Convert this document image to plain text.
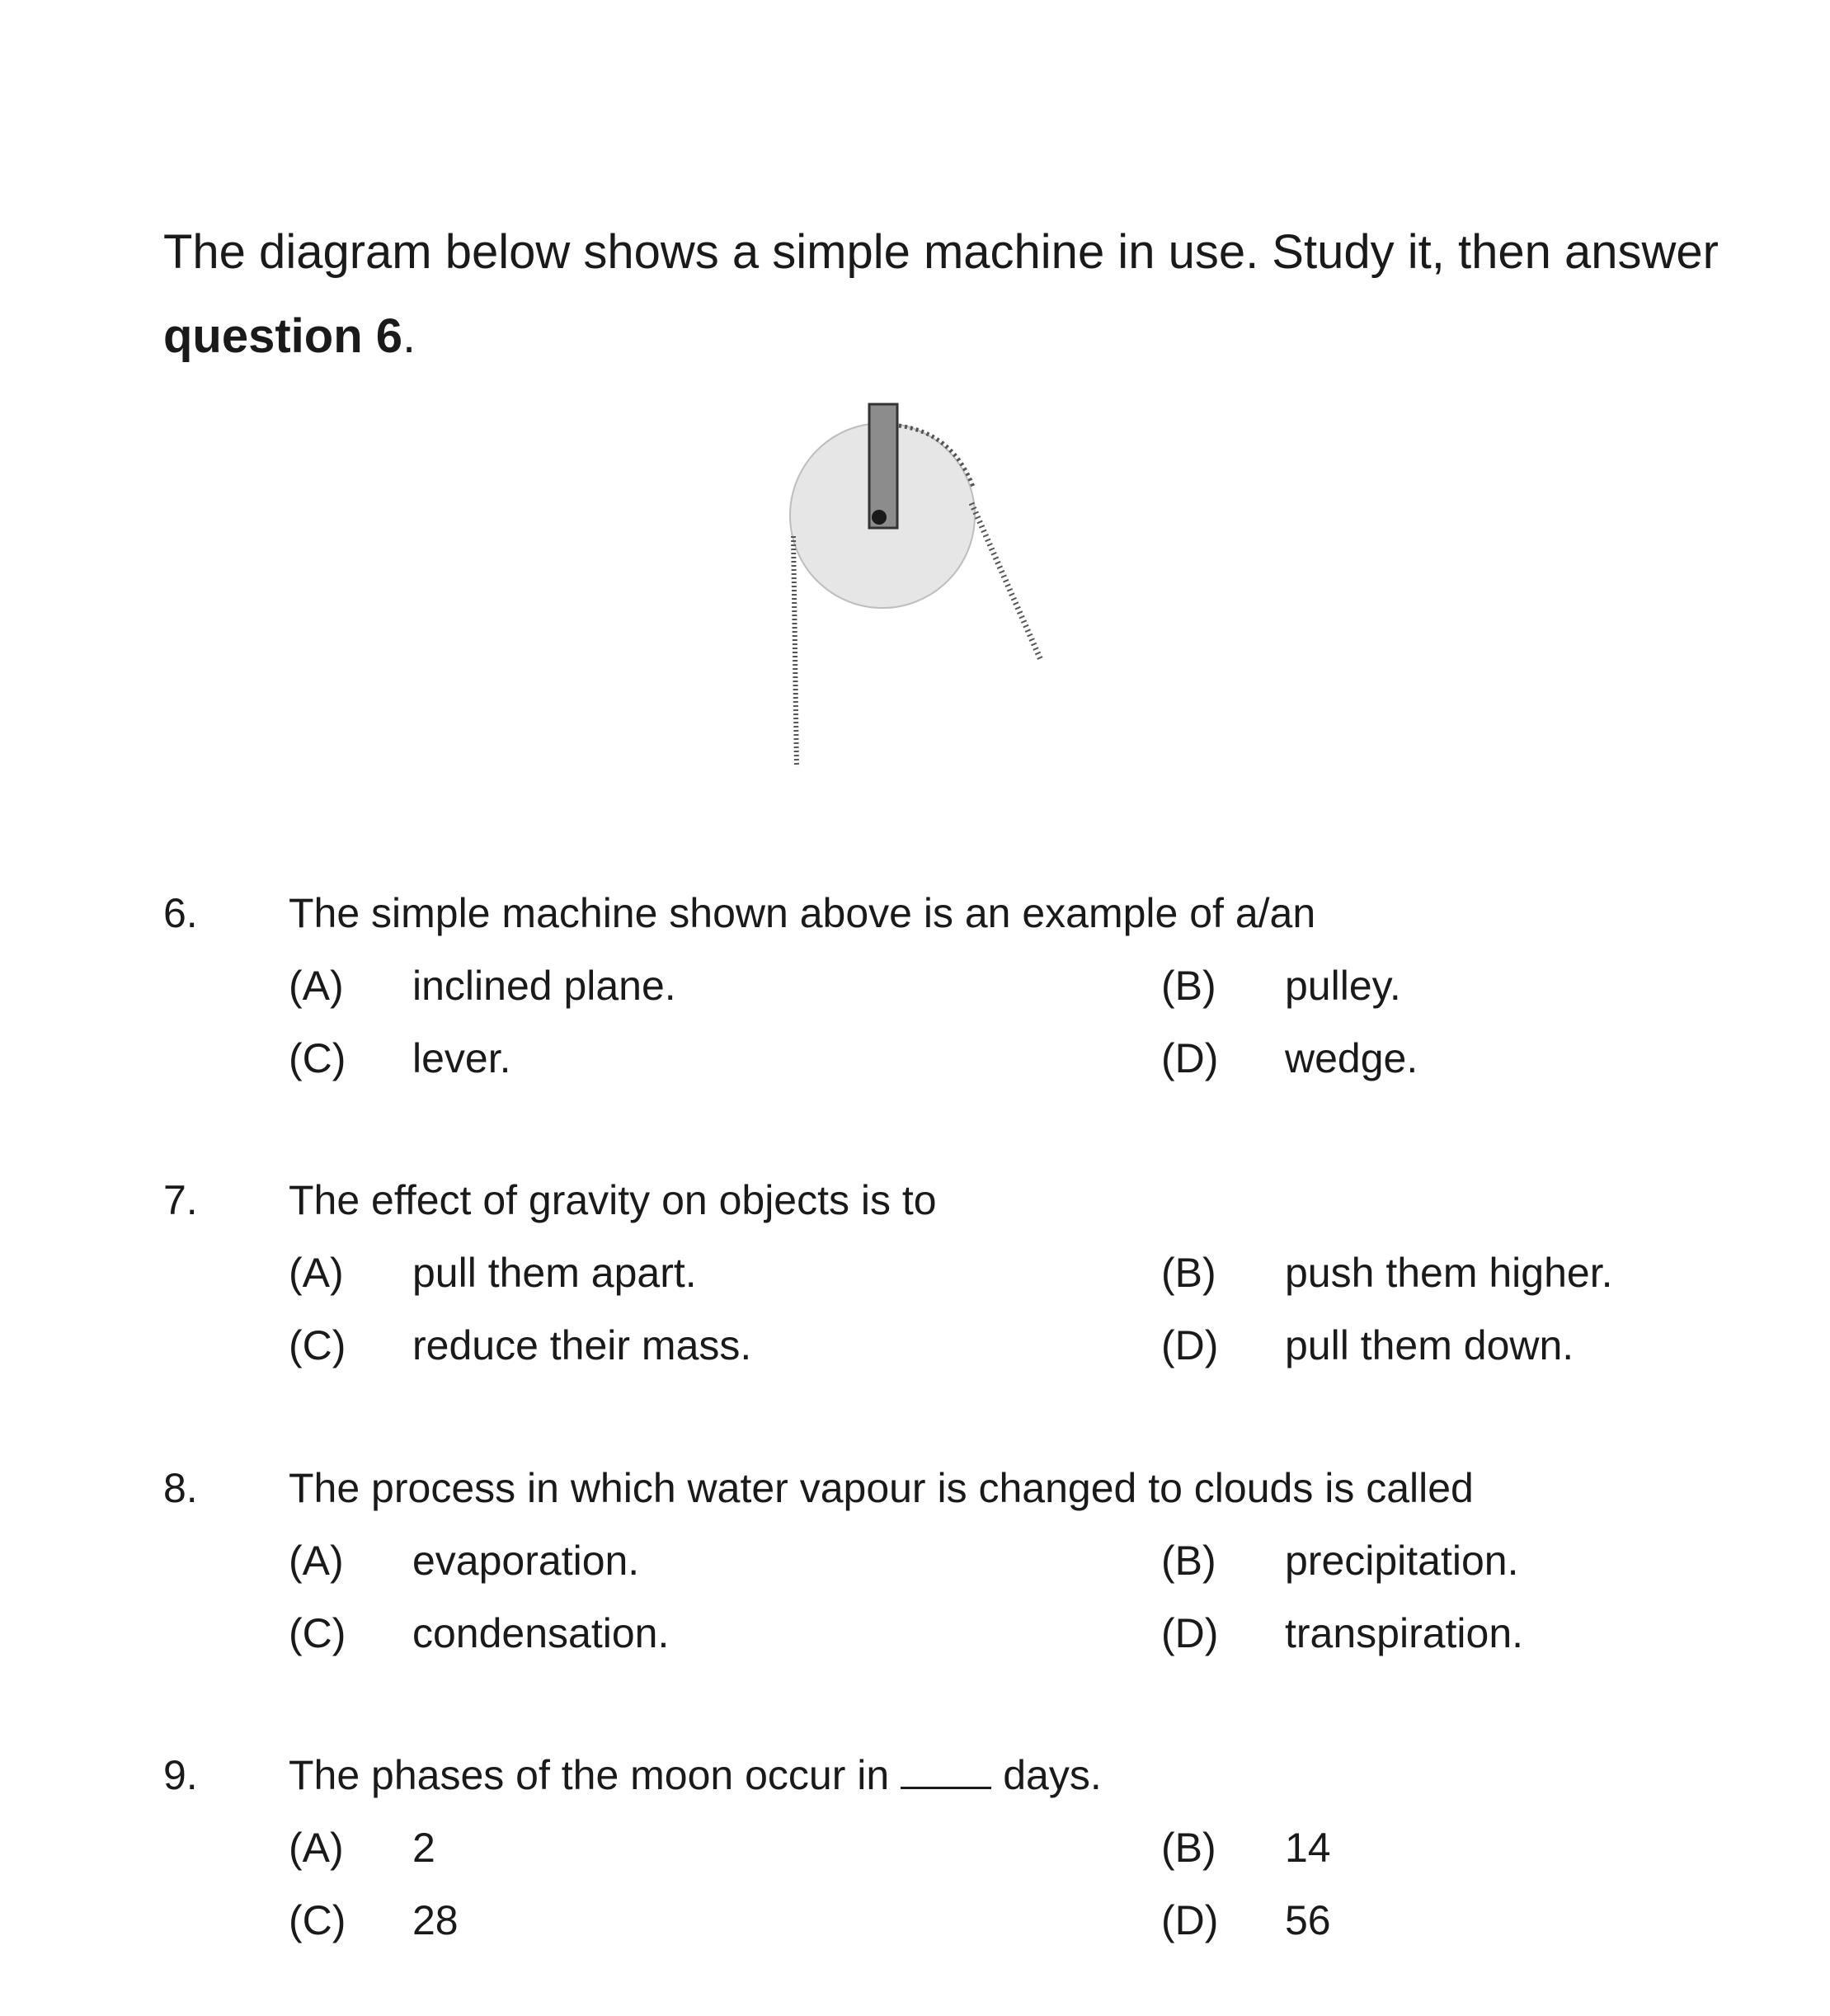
The diagram below shows a simple machine in use. Study it, then answer
question 6.
6. The simple machine shown above is an example of a/an
(A) inclined plane.	(B) pulley.
(C) lever.	(D) wedge.
7. The effect of gravity on objects is to
(A) pull them apart.	(B) push them higher.
(C) reduce their mass.	(D) pull them down.
8. The process in which water vapour is changed to clouds is called
(A) evaporation.	(B) precipitation.
(C) condensation.	(D) transpiration.
9. The phases of the moon occur in	days.
(A) 2	(B) 14
(C) 28	(D) 56
